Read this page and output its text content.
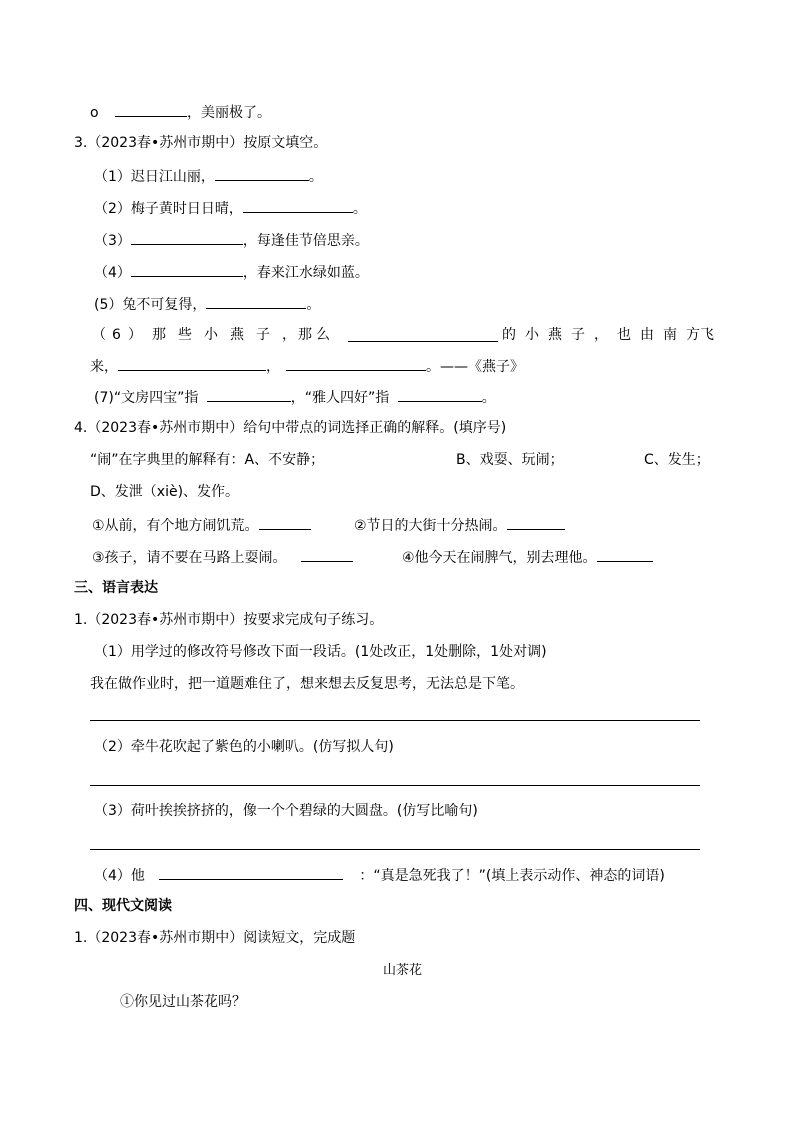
o	，美丽极了。
3.（2023春•苏州市期中）按原文填空。
（1）迟日江山丽，	。
（2）梅子黄时日日晴，	。
（3）	，每逢佳节倍思亲。
（4）	，春来江水绿如蓝。
(5）兔不可复得，	。
（ 6 ） 那 些 小 燕 子 ， 那 么	的 小 燕 子 ， 也 由 南 方 飞
来，	，	。——《燕子》
(7)“文房四宝”指	，“雅人四好”指	。
4.（2023春•苏州市期中）给句中带点的词选择正确的解释。(填序号)
“闹”在字典里的解释有：A、不安静；	B、戏耍、玩闹；	C、发生；
D、发泄（xiè)、发作。
①从前，有个地方闹饥荒。	②节日的大街十分热闹。
③孩子，请不要在马路上耍闹。	④他今天在闹脾气，别去理他。
三、语言表达
1.（2023春•苏州市期中）按要求完成句子练习。
（1）用学过的修改符号修改下面一段话。(1处改正，1处删除，1处对调)
我在做作业时，把一道题难住了，想来想去反复思考，无法总是下笔。
（2）牵牛花吹起了紫色的小喇叭。(仿写拟人句)
（3）荷叶挨挨挤挤的，像一个个碧绿的大圆盘。(仿写比喻句)
（4）他	：“真是急死我了！”(填上表示动作、神态的词语)
四、现代文阅读
1.（2023春•苏州市期中）阅读短文，完成题
山茶花
①你见过山茶花吗？
